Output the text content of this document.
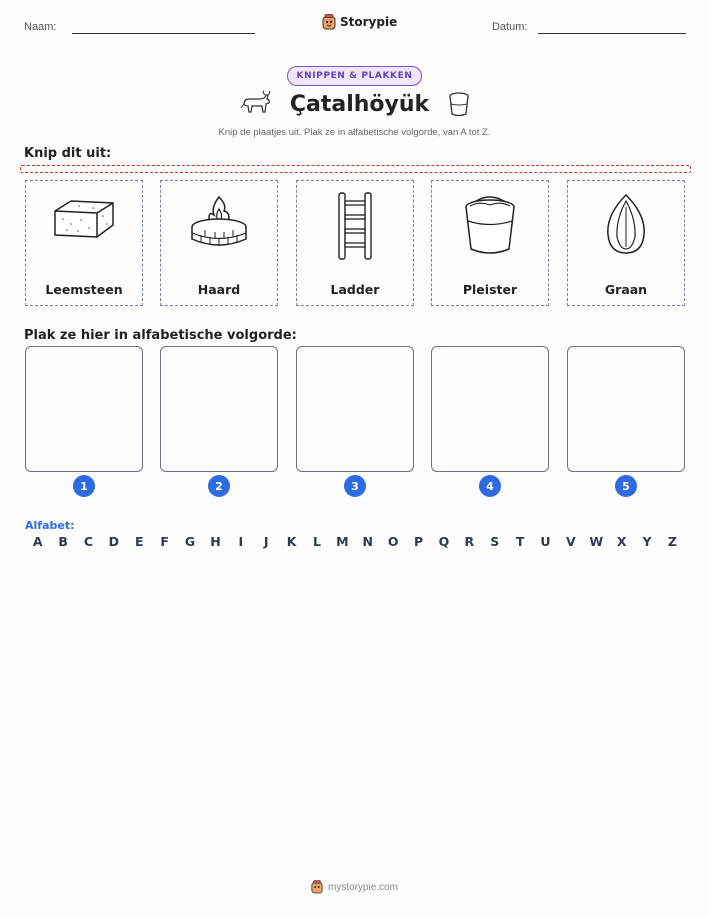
Naam:	Storypie	Datum:
KNIPPEN & PLAKKEN
Çatalhöyük
Knip de plaatjes uit. Plak ze in alfabetische volgorde, van A tot Z.
Knip dit uit:
Leemsteen	Haard	Ladder	Pleister	Graan
Plak ze hier in alfabetische volgorde:
1	2	3	4	5
Alfabet:
A	B	C	D	E	F	G	H	I	J	K	L	M	N	O	P	Q	R	S	T	U	V	W	X	Y	Z
mystorypie.com
